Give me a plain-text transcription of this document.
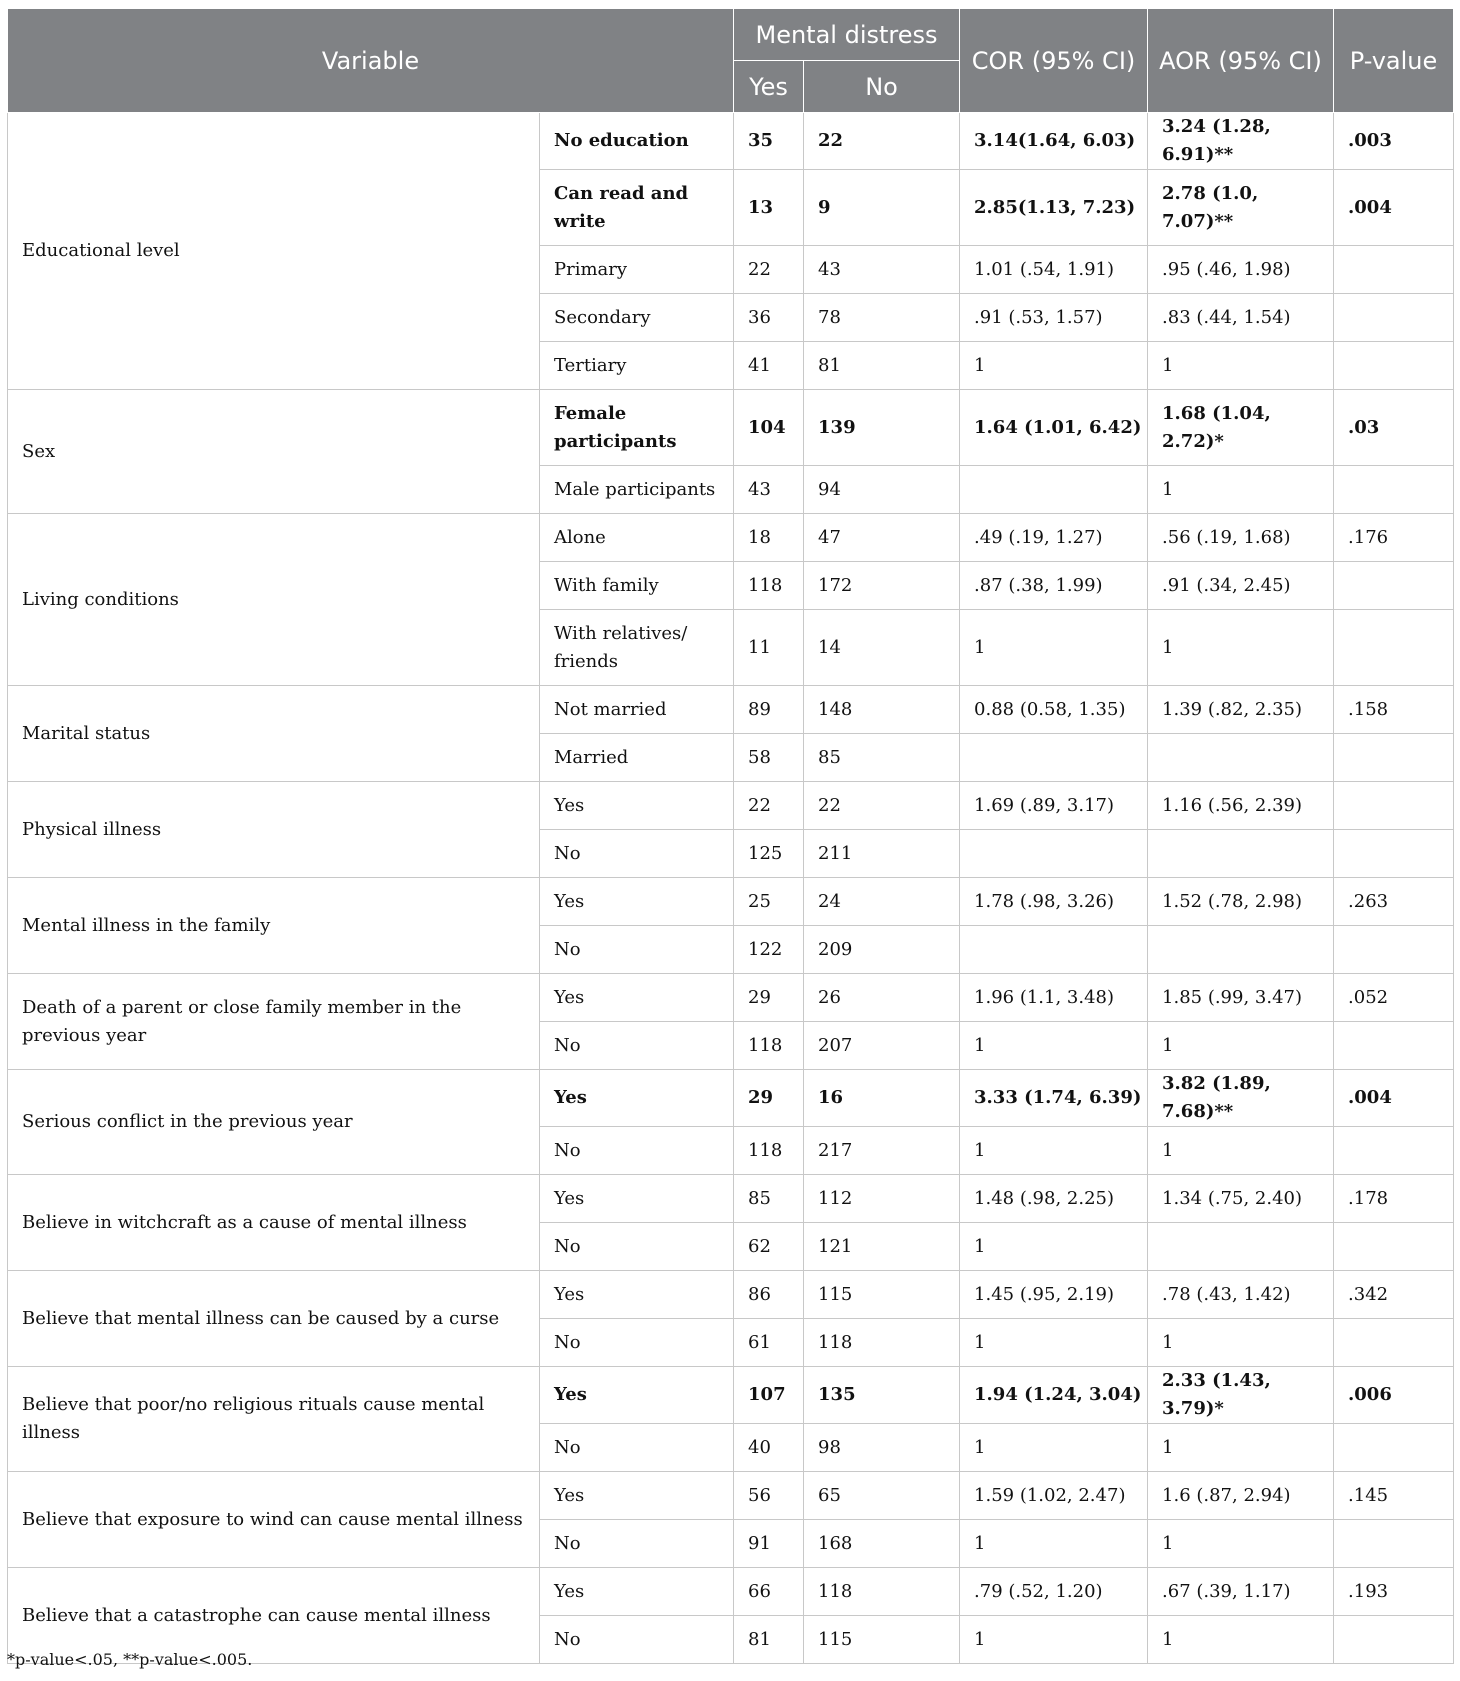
Variable		Mental distress		COR (95% CI)	AOR (95% CI)	P-value
		Yes	No			
Educational level	No education	35	22	3.14(1.64, 6.03)	3.24 (1.28, 6.91)**	.003
	Can read and write	13	9	2.85(1.13, 7.23)	2.78 (1.0, 7.07)**	.004
	Primary	22	43	1.01 (.54, 1.91)	.95 (.46, 1.98)	
	Secondary	36	78	.91 (.53, 1.57)	.83 (.44, 1.54)	
	Tertiary	41	81	1	1	
Sex	Female participants	104	139	1.64 (1.01, 6.42)	1.68 (1.04, 2.72)*	.03
	Male participants	43	94		1	
Living conditions	Alone	18	47	.49 (.19, 1.27)	.56 (.19, 1.68)	.176
	With family	118	172	.87 (.38, 1.99)	.91 (.34, 2.45)	
	With relatives/ friends	11	14	1	1	
Marital status	Not married	89	148	0.88 (0.58, 1.35)	1.39 (.82, 2.35)	.158
	Married	58	85			
Physical illness	Yes	22	22	1.69 (.89, 3.17)	1.16 (.56, 2.39)	
	No	125	211			
Mental illness in the family	Yes	25	24	1.78 (.98, 3.26)	1.52 (.78, 2.98)	.263
	No	122	209			
Death of a parent or close family member in the previous year	Yes	29	26	1.96 (1.1, 3.48)	1.85 (.99, 3.47)	.052
	No	118	207	1	1	
Serious conflict in the previous year	Yes	29	16	3.33 (1.74, 6.39)	3.82 (1.89, 7.68)**	.004
	No	118	217	1	1	
Believe in witchcraft as a cause of mental illness	Yes	85	112	1.48 (.98, 2.25)	1.34 (.75, 2.40)	.178
	No	62	121	1		
Believe that mental illness can be caused by a curse	Yes	86	115	1.45 (.95, 2.19)	.78 (.43, 1.42)	.342
	No	61	118	1	1	
Believe that poor/no religious rituals cause mental illness	Yes	107	135	1.94 (1.24, 3.04)	2.33 (1.43, 3.79)*	.006
	No	40	98	1	1	
Believe that exposure to wind can cause mental illness	Yes	56	65	1.59 (1.02, 2.47)	1.6 (.87, 2.94)	.145
	No	91	168	1	1	
Believe that a catastrophe can cause mental illness	Yes	66	118	.79 (.52, 1.20)	.67 (.39, 1.17)	.193
	No	81	115	1	1	
*p-value<.05, **p-value<.005.
